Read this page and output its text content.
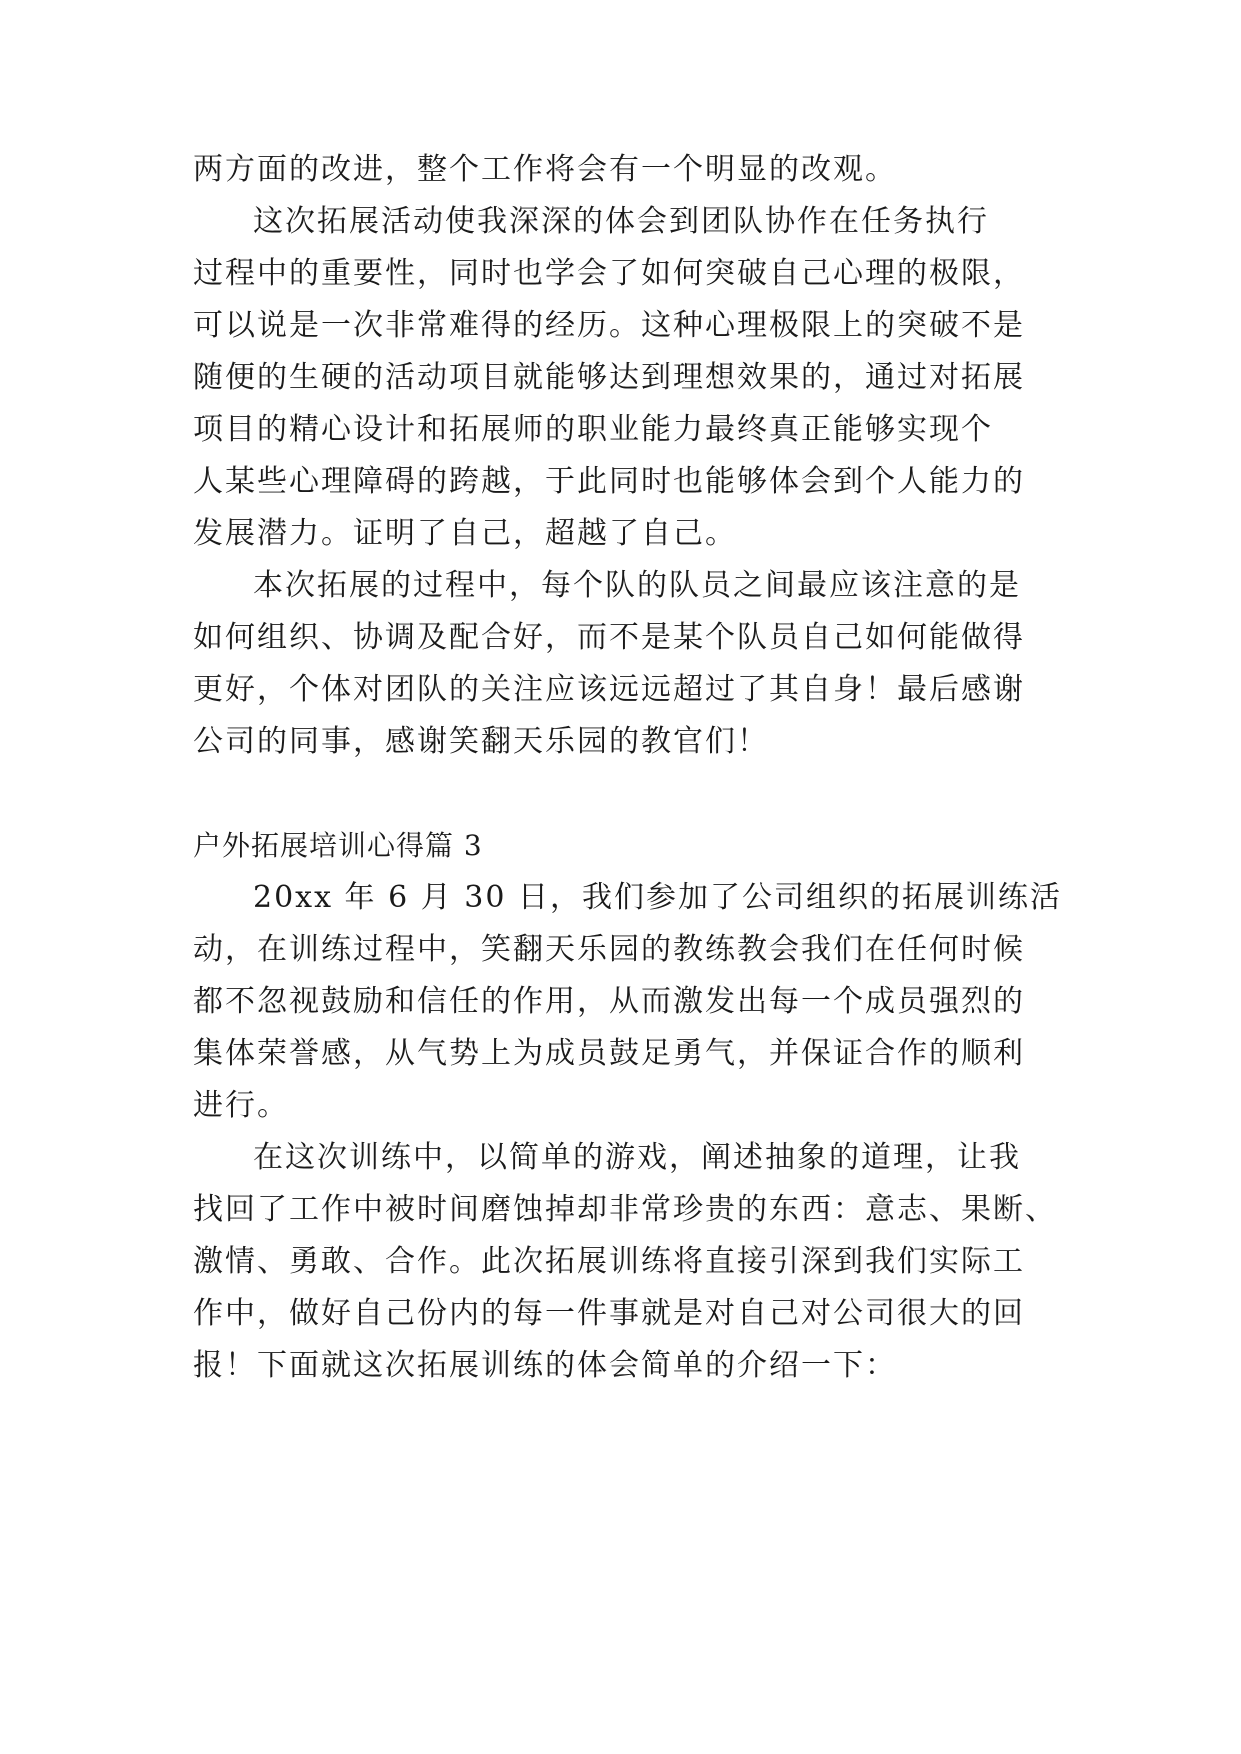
两方面的改进，整个工作将会有一个明显的改观。

这次拓展活动使我深深的体会到团队协作在任务执行

过程中的重要性，同时也学会了如何突破自己心理的极限，

可以说是一次非常难得的经历。这种心理极限上的突破不是

随便的生硬的活动项目就能够达到理想效果的，通过对拓展

项目的精心设计和拓展师的职业能力最终真正能够实现个

人某些心理障碍的跨越，于此同时也能够体会到个人能力的

发展潜力。证明了自己，超越了自己。

本次拓展的过程中，每个队的队员之间最应该注意的是

如何组织、协调及配合好，而不是某个队员自己如何能做得

更好，个体对团队的关注应该远远超过了其自身！最后感谢

公司的同事，感谢笑翻天乐园的教官们！

户外拓展培训心得篇 3

20xx 年 6 月 30 日，我们参加了公司组织的拓展训练活

动，在训练过程中，笑翻天乐园的教练教会我们在任何时候

都不忽视鼓励和信任的作用，从而激发出每一个成员强烈的

集体荣誉感，从气势上为成员鼓足勇气，并保证合作的顺利

进行。

在这次训练中，以简单的游戏，阐述抽象的道理，让我

找回了工作中被时间磨蚀掉却非常珍贵的东西：意志、果断、

激情、勇敢、合作。此次拓展训练将直接引深到我们实际工

作中，做好自己份内的每一件事就是对自己对公司很大的回

报！下面就这次拓展训练的体会简单的介绍一下：
